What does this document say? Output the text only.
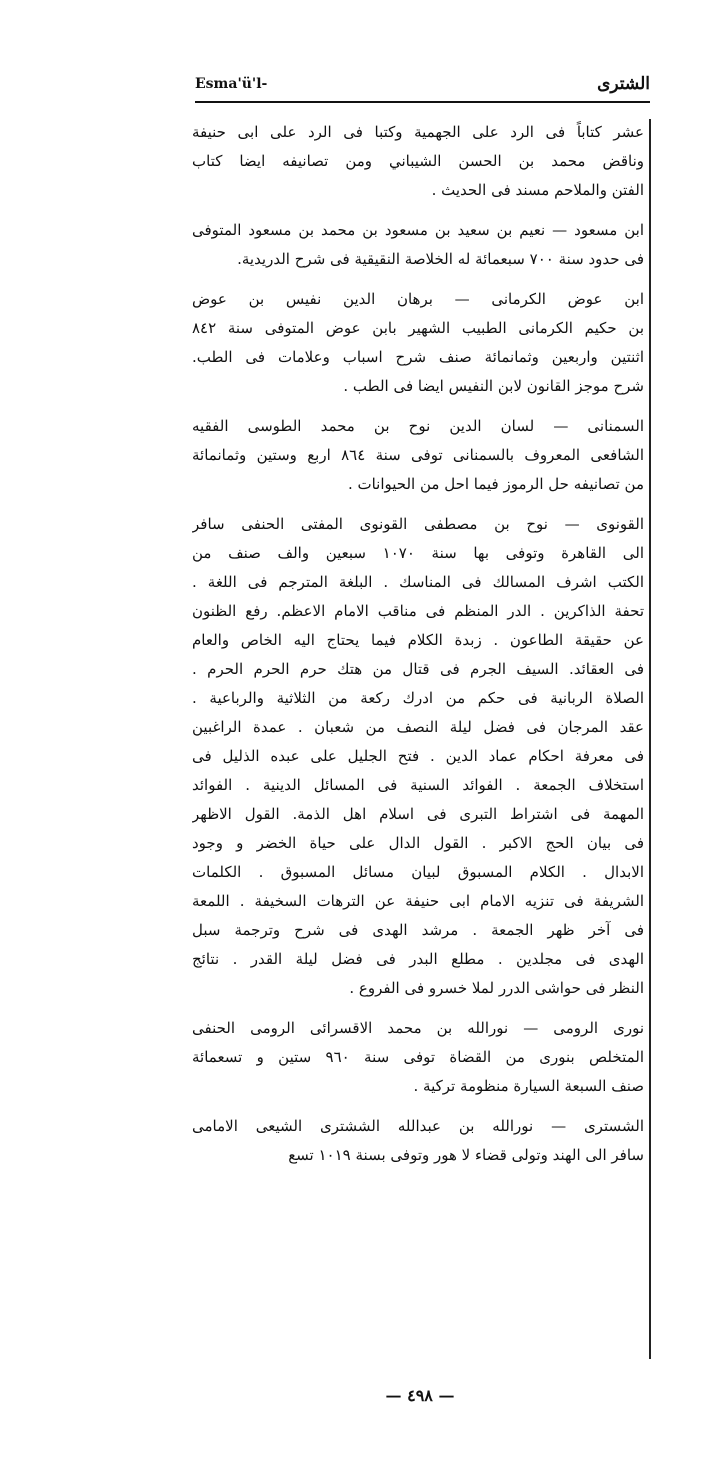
Esma'ü'l-	الشترى

عشر كتاباً فى الرد على الجهمية وكتبا فى الرد على ابى حنيفة
وناقض محمد بن الحسن الشيباني ومن تصانيفه ايضا كتاب
الفتن والملاحم مسند فى الحديث .

ابن مسعود — نعيم بن سعيد بن مسعود بن محمد بن مسعود المتوفى
فى حدود سنة ٧٠٠ سبعمائة له الخلاصة النقيقية فى شرح الدريدية.

ابن عوض الكرمانى — برهان الدين نفيس بن عوض
بن حكيم الكرمانى الطبيب الشهير بابن عوض المتوفى سنة ٨٤٢
اثنتين واربعين وثمانمائة صنف شرح اسباب وعلامات فى الطب.
شرح موجز القانون لابن النفيس ايضا فى الطب .

السمنانى — لسان الدين نوح بن محمد الطوسى الفقيه
الشافعى المعروف بالسمنانى توفى سنة ٨٦٤ اربع وستين وثمانمائة
من تصانيفه حل الرموز فيما احل من الحيوانات .

القونوى — نوح بن مصطفى القونوى المفتى الحنفى سافر
الى القاهرة وتوفى بها سنة ١٠٧٠ سبعين والف صنف من
الكتب اشرف المسالك فى المناسك . البلغة المترجم فى اللغة .
تحفة الذاكرين . الدر المنظم فى مناقب الامام الاعظم. رفع الظنون
عن حقيقة الطاعون . زبدة الكلام فيما يحتاج اليه الخاص والعام
فى العقائد. السيف الجرم فى قتال من هتك حرم الحرم الحرم .
الصلاة الربانية فى حكم من ادرك ركعة من الثلاثية والرباعية .
عقد المرجان فى فضل ليلة النصف من شعبان . عمدة الراغبين
فى معرفة احكام عماد الدين . فتح الجليل على عبده الذليل فى
استخلاف الجمعة . الفوائد السنية فى المسائل الدينية . الفوائد
المهمة فى اشتراط التبرى فى اسلام اهل الذمة. القول الاظهر
فى بيان الحج الاكبر . القول الدال على حياة الخضر و وجود
الابدال . الكلام المسبوق لبيان مسائل المسبوق . الكلمات
الشريفة فى تنزيه الامام ابى حنيفة عن الترهات السخيفة . اللمعة
فى آخر ظهر الجمعة . مرشد الهدى فى شرح وترجمة سبل
الهدى فى مجلدين . مطلع البدر فى فضل ليلة القدر . نتائج
النظر فى حواشى الدرر لملا خسرو فى الفروع .

نورى الرومى — نورالله بن محمد الاقسرائى الرومى الحنفى
المتخلص بنورى من القضاة توفى سنة ٩٦٠ ستين و تسعمائة
صنف السبعة السيارة منظومة تركية .

الشسترى — نورالله بن عبدالله الششترى الشيعى الامامى
سافر الى الهند وتولى قضاء لا هور وتوفى بسنة ١٠١٩ تسع

— ٤٩٨ —
